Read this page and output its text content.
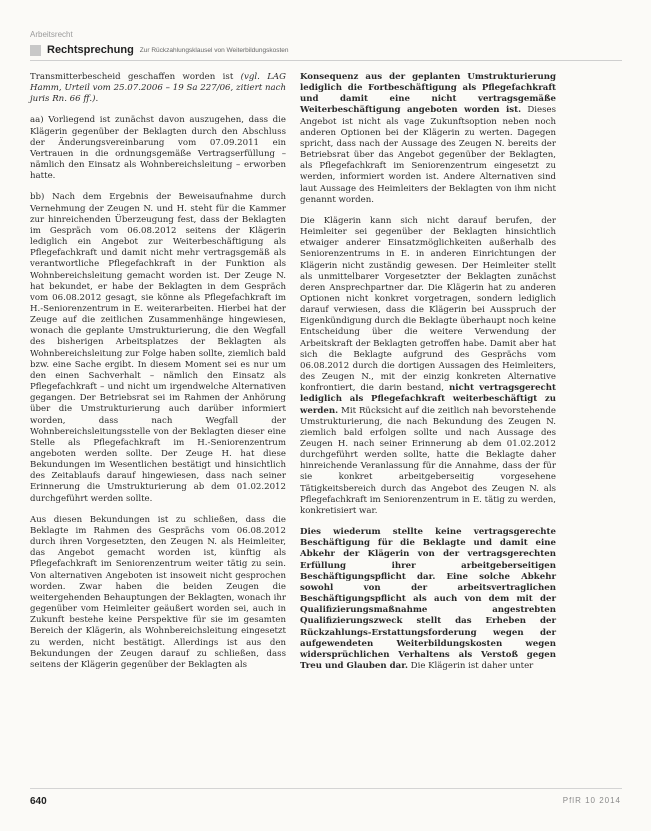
Arbeitsrecht
Rechtsprechung Zur Rückzahlungsklausel von Weiterbildungskosten

Transmitterbescheid geschaffen worden ist (vgl. LAG Hamm, Urteil vom 25.07.2006 – 19 Sa 227/06, zitiert nach juris Rn. 66 ff.).

aa) Vorliegend ist zunächst davon auszugehen, dass die Klägerin gegenüber der Beklagten durch den Abschluss der Änderungsvereinbarung vom 07.09.2011 ein Vertrauen in die ordnungsgemäße Vertragserfüllung – nämlich den Einsatz als Wohnbereichsleitung – erworben hatte.

bb) Nach dem Ergebnis der Beweisaufnahme durch Vernehmung der Zeugen N. und H. steht für die Kammer zur hinreichenden Überzeugung fest, dass der Beklagten im Gespräch vom 06.08.2012 seitens der Klägerin lediglich ein Angebot zur Weiterbeschäftigung als Pflegefachkraft und damit nicht mehr vertragsgemäß als verantwortliche Pflegefachkraft in der Funktion als Wohnbereichsleitung gemacht worden ist. Der Zeuge N. hat bekundet, er habe der Beklagten in dem Gespräch vom 06.08.2012 gesagt, sie könne als Pflegefachkraft im H.-Seniorenzentrum in E. weiterarbeiten. Hierbei hat der Zeuge auf die zeitlichen Zusammenhänge hingewiesen, wonach die geplante Umstrukturierung, die den Wegfall des bisherigen Arbeitsplatzes der Beklagten als Wohnbereichsleitung zur Folge haben sollte, ziemlich bald bzw. eine Sache ergibt. In diesem Moment sei es nur um den einen Sachverhalt – nämlich den Einsatz als Pflegefachkraft – und nicht um irgendwelche Alternativen gegangen. Der Betriebsrat sei im Rahmen der Anhörung über die Umstrukturierung auch darüber informiert worden, dass nach Wegfall der Wohnbereichsleitungsstelle von der Beklagten dieser eine Stelle als Pflegefachkraft im H.-Seniorenzentrum angeboten werden sollte. Der Zeuge H. hat diese Bekundungen im Wesentlichen bestätigt und hinsichtlich des Zeitablaufs darauf hingewiesen, dass nach seiner Erinnerung die Umstrukturierung ab dem 01.02.2012 durchgeführt werden sollte.

Aus diesen Bekundungen ist zu schließen, dass die Beklagte im Rahmen des Gesprächs vom 06.08.2012 durch ihren Vorgesetzten, den Zeugen N. als Heimleiter, das Angebot gemacht worden ist, künftig als Pflegefachkraft im Seniorenzentrum weiter tätig zu sein. Von alternativen Angeboten ist insoweit nicht gesprochen worden. Zwar haben die beiden Zeugen die weitergehenden Behauptungen der Beklagten, wonach ihr gegenüber vom Heimleiter geäußert worden sei, auch in Zukunft bestehe keine Perspektive für sie im gesamten Bereich der Klägerin, als Wohnbereichsleitung eingesetzt zu werden, nicht bestätigt. Allerdings ist aus den Bekundungen der Zeugen darauf zu schließen, dass seitens der Klägerin gegenüber der Beklagten als

Konsequenz aus der geplanten Umstrukturierung lediglich die Fortbeschäftigung als Pflegefachkraft und damit eine nicht vertragsgemäße Weiterbeschäftigung angeboten worden ist. Dieses Angebot ist nicht als vage Zukunftsoption neben noch anderen Optionen bei der Klägerin zu werten. Dagegen spricht, dass nach der Aussage des Zeugen N. bereits der Betriebsrat über das Angebot gegenüber der Beklagten, als Pflegefachkraft im Seniorenzentrum eingesetzt zu werden, informiert worden ist. Andere Alternativen sind laut Aussage des Heimleiters der Beklagten von ihm nicht genannt worden.

Die Klägerin kann sich nicht darauf berufen, der Heimleiter sei gegenüber der Beklagten hinsichtlich etwaiger anderer Einsatzmöglichkeiten außerhalb des Seniorenzentrums in E. in anderen Einrichtungen der Klägerin nicht zuständig gewesen. Der Heimleiter stellt als unmittelbarer Vorgesetzter der Beklagten zunächst deren Ansprechpartner dar. Die Klägerin hat zu anderen Optionen nicht konkret vorgetragen, sondern lediglich darauf verwiesen, dass die Klägerin bei Ausspruch der Eigenkündigung durch die Beklagte überhaupt noch keine Entscheidung über die weitere Verwendung der Arbeitskraft der Beklagten getroffen habe. Damit aber hat sich die Beklagte aufgrund des Gesprächs vom 06.08.2012 durch die dortigen Aussagen des Heimleiters, des Zeugen N., mit der einzig konkreten Alternative konfrontiert, die darin bestand, nicht vertragsgerecht lediglich als Pflegefachkraft weiterbeschäftigt zu werden. Mit Rücksicht auf die zeitlich nah bevorstehende Umstrukturierung, die nach Bekundung des Zeugen N. ziemlich bald erfolgen sollte und nach Aussage des Zeugen H. nach seiner Erinnerung ab dem 01.02.2012 durchgeführt werden sollte, hatte die Beklagte daher hinreichende Veranlassung für die Annahme, dass der für sie konkret arbeitgeberseitig vorgesehene Tätigkeitsbereich durch das Angebot des Zeugen N. als Pflegefachkraft im Seniorenzentrum in E. tätig zu werden, konkretisiert war.

Dies wiederum stellte keine vertragsgerechte Beschäftigung für die Beklagte und damit eine Abkehr der Klägerin von der vertragsgerechten Erfüllung ihrer arbeitgeberseitigen Beschäftigungspflicht dar. Eine solche Abkehr sowohl von der arbeitsvertraglichen Beschäftigungspflicht als auch von dem mit der Qualifizierungsmaßnahme angestrebten Qualifizierungszweck stellt das Erheben der Rückzahlungs-Erstattungsforderung wegen der aufgewendeten Weiterbildungskosten wegen widersprüchlichen Verhaltens als Verstoß gegen Treu und Glauben dar. Die Klägerin ist daher unter

640	PflR 10 2014
